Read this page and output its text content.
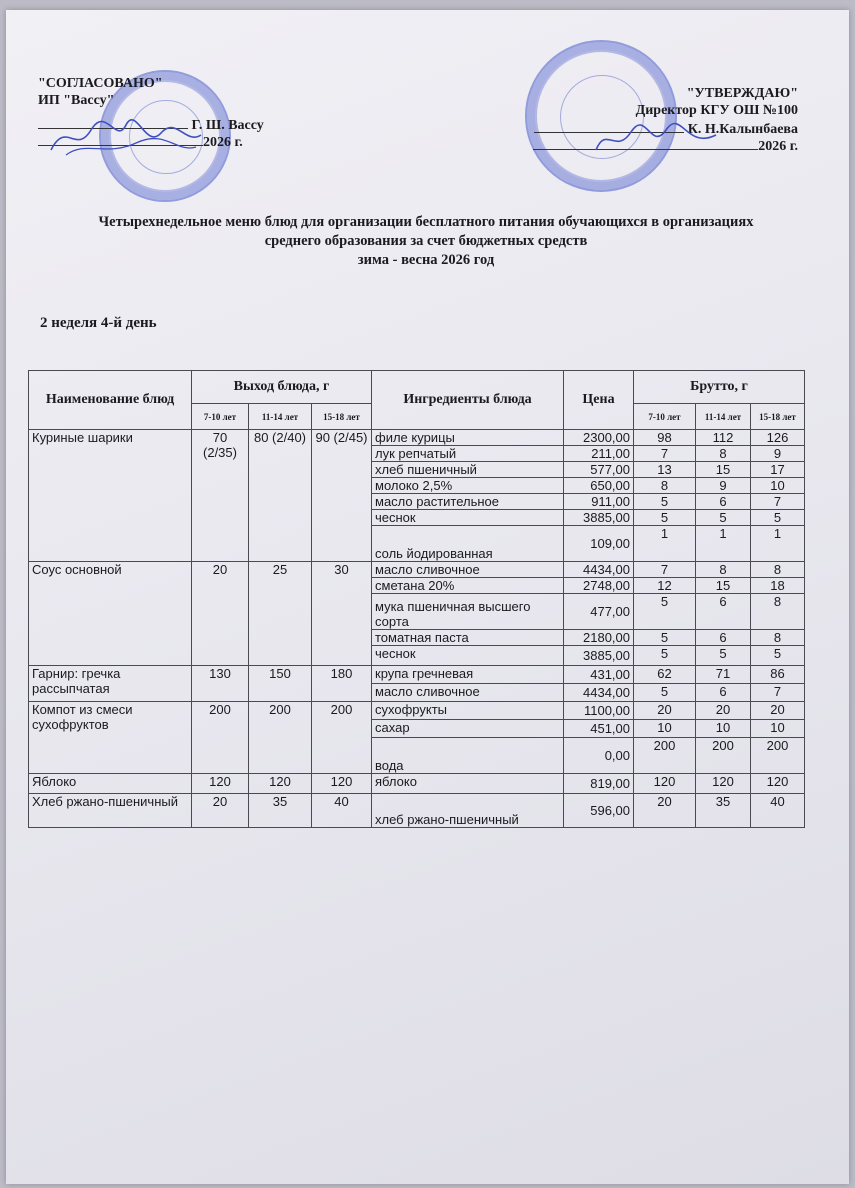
"СОГЛАСОВАНО"
ИП "Вассу"
Г. Ш. Вассу
2026 г.
"УТВЕРЖДАЮ"
Директор КГУ ОШ №100
К. Н.Калынбаева
2026 г.
Четырехнедельное меню блюд для организации бесплатного питания обучающихся в организациях
среднего образования за счет бюджетных средств
зима - весна 2026 год
2 неделя 4-й день
Наименование блюд	Выход блюда, г			Ингредиенты блюда	Цена	Брутто, г		
	7-10 лет	11-14 лет	15-18 лет			7-10 лет	11-14 лет	15-18 лет
Куриные шарики	70 (2/35)	80 (2/40)	90 (2/45)	филе курицы	2300,00	98	112	126
				лук репчатый	211,00	7	8	9
				хлеб пшеничный	577,00	13	15	17
				молоко 2,5%	650,00	8	9	10
				масло растительное	911,00	5	6	7
				чеснок	3885,00	5	5	5
				соль йодированная	109,00	1	1	1
Соус основной	20	25	30	масло сливочное	4434,00	7	8	8
				сметана 20%	2748,00	12	15	18
				мука пшеничная высшего сорта	477,00	5	6	8
				томатная паста	2180,00	5	6	8
				чеснок	3885,00	5	5	5
Гарнир: гречка рассыпчатая	130	150	180	крупа гречневая	431,00	62	71	86
				масло сливочное	4434,00	5	6	7
Компот из смеси сухофруктов	200	200	200	сухофрукты	1100,00	20	20	20
				сахар	451,00	10	10	10
				вода	0,00	200	200	200
Яблоко	120	120	120	яблоко	819,00	120	120	120
Хлеб ржано-пшеничный	20	35	40	хлеб ржано-пшеничный	596,00	20	35	40
